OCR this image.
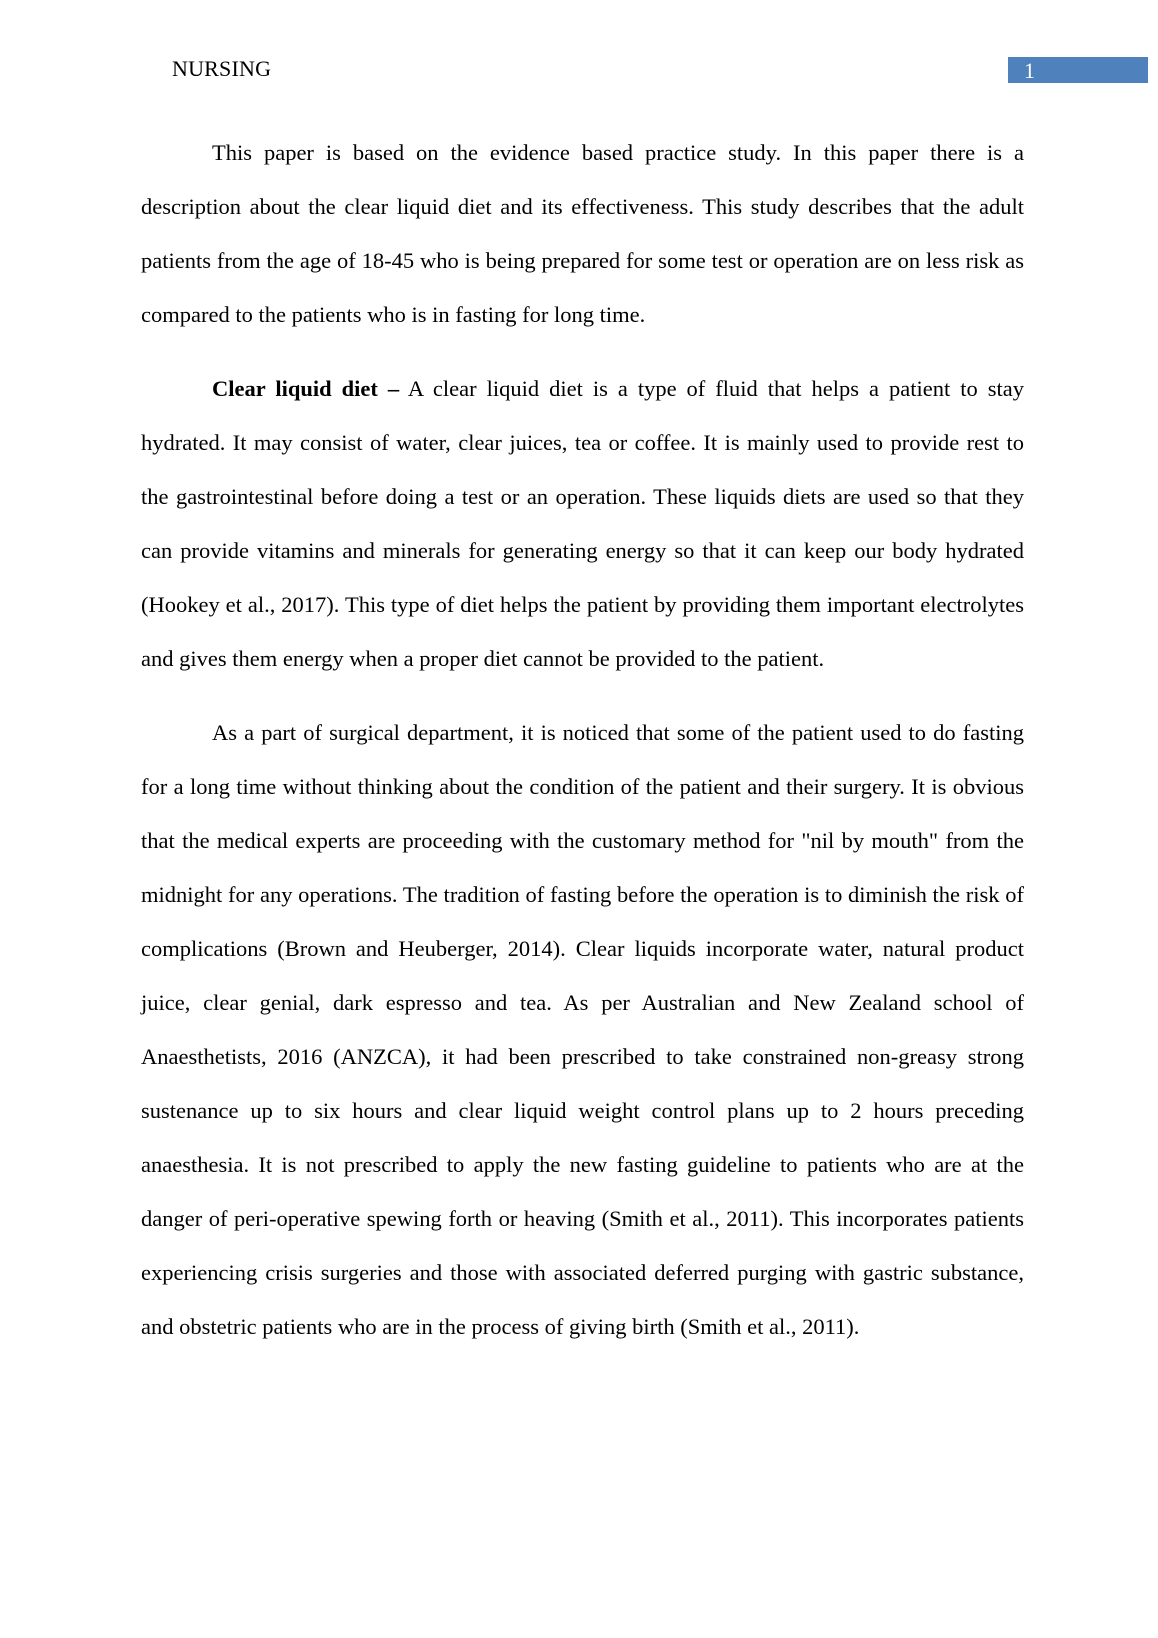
NURSING	1

This paper is based on the evidence based practice study. In this paper there is a description about the clear liquid diet and its effectiveness. This study describes that the adult patients from the age of 18-45 who is being prepared for some test or operation are on less risk as compared to the patients who is in fasting for long time.

Clear liquid diet – A clear liquid diet is a type of fluid that helps a patient to stay hydrated. It may consist of water, clear juices, tea or coffee. It is mainly used to provide rest to the gastrointestinal before doing a test or an operation. These liquids diets are used so that they can provide vitamins and minerals for generating energy so that it can keep our body hydrated (Hookey et al., 2017). This type of diet helps the patient by providing them important electrolytes and gives them energy when a proper diet cannot be provided to the patient.

As a part of surgical department, it is noticed that some of the patient used to do fasting for a long time without thinking about the condition of the patient and their surgery. It is obvious that the medical experts are proceeding with the customary method for "nil by mouth" from the midnight for any operations. The tradition of fasting before the operation is to diminish the risk of complications (Brown and Heuberger, 2014). Clear liquids incorporate water, natural product juice, clear genial, dark espresso and tea. As per Australian and New Zealand school of Anaesthetists, 2016 (ANZCA), it had been prescribed to take constrained non-greasy strong sustenance up to six hours and clear liquid weight control plans up to 2 hours preceding anaesthesia. It is not prescribed to apply the new fasting guideline to patients who are at the danger of peri-operative spewing forth or heaving (Smith et al., 2011). This incorporates patients experiencing crisis surgeries and those with associated deferred purging with gastric substance, and obstetric patients who are in the process of giving birth (Smith et al., 2011).
